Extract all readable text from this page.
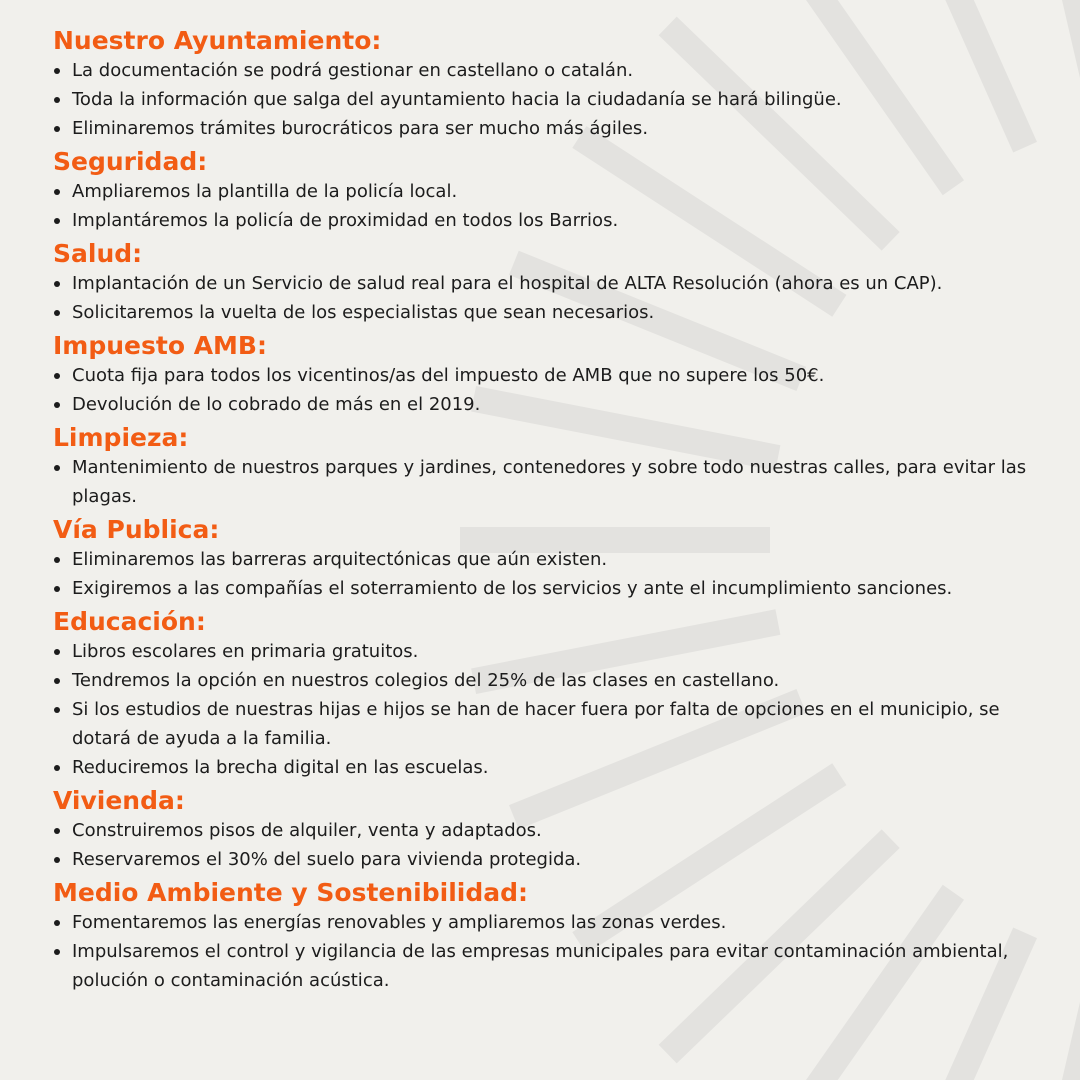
Nuestro Ayuntamiento:
La documentación se podrá gestionar en castellano o catalán.
Toda la información que salga del ayuntamiento hacia la ciudadanía se hará bilingüe.
Eliminaremos trámites burocráticos para ser mucho más ágiles.
Seguridad:
Ampliaremos la plantilla de la policía local.
Implantáremos la policía de proximidad en todos los Barrios.
Salud:
Implantación de un Servicio de salud real para el hospital de ALTA Resolución (ahora es un CAP).
Solicitaremos la vuelta de los especialistas que sean necesarios.
Impuesto AMB:
Cuota fija para todos los vicentinos/as del impuesto de AMB que no supere los 50€.
Devolución de lo cobrado de más en el 2019.
Limpieza:
Mantenimiento de nuestros parques y jardines, contenedores y sobre todo nuestras calles, para evitar las plagas.
Vía Publica:
Eliminaremos las barreras arquitectónicas que aún existen.
Exigiremos a las compañías el soterramiento de los servicios y ante el incumplimiento sanciones.
Educación:
Libros escolares en primaria gratuitos.
Tendremos la opción en nuestros colegios del 25% de las clases en castellano.
Si los estudios de nuestras hijas e hijos se han de hacer fuera por falta de opciones en el municipio, se dotará de ayuda a la familia.
Reduciremos la brecha digital en las escuelas.
Vivienda:
Construiremos pisos de alquiler, venta y adaptados.
Reservaremos el 30% del suelo para vivienda protegida.
Medio Ambiente y Sostenibilidad:
Fomentaremos las energías renovables y ampliaremos las zonas verdes.
Impulsaremos el control y vigilancia de las empresas municipales para evitar contaminación ambiental, polución o contaminación acústica.
